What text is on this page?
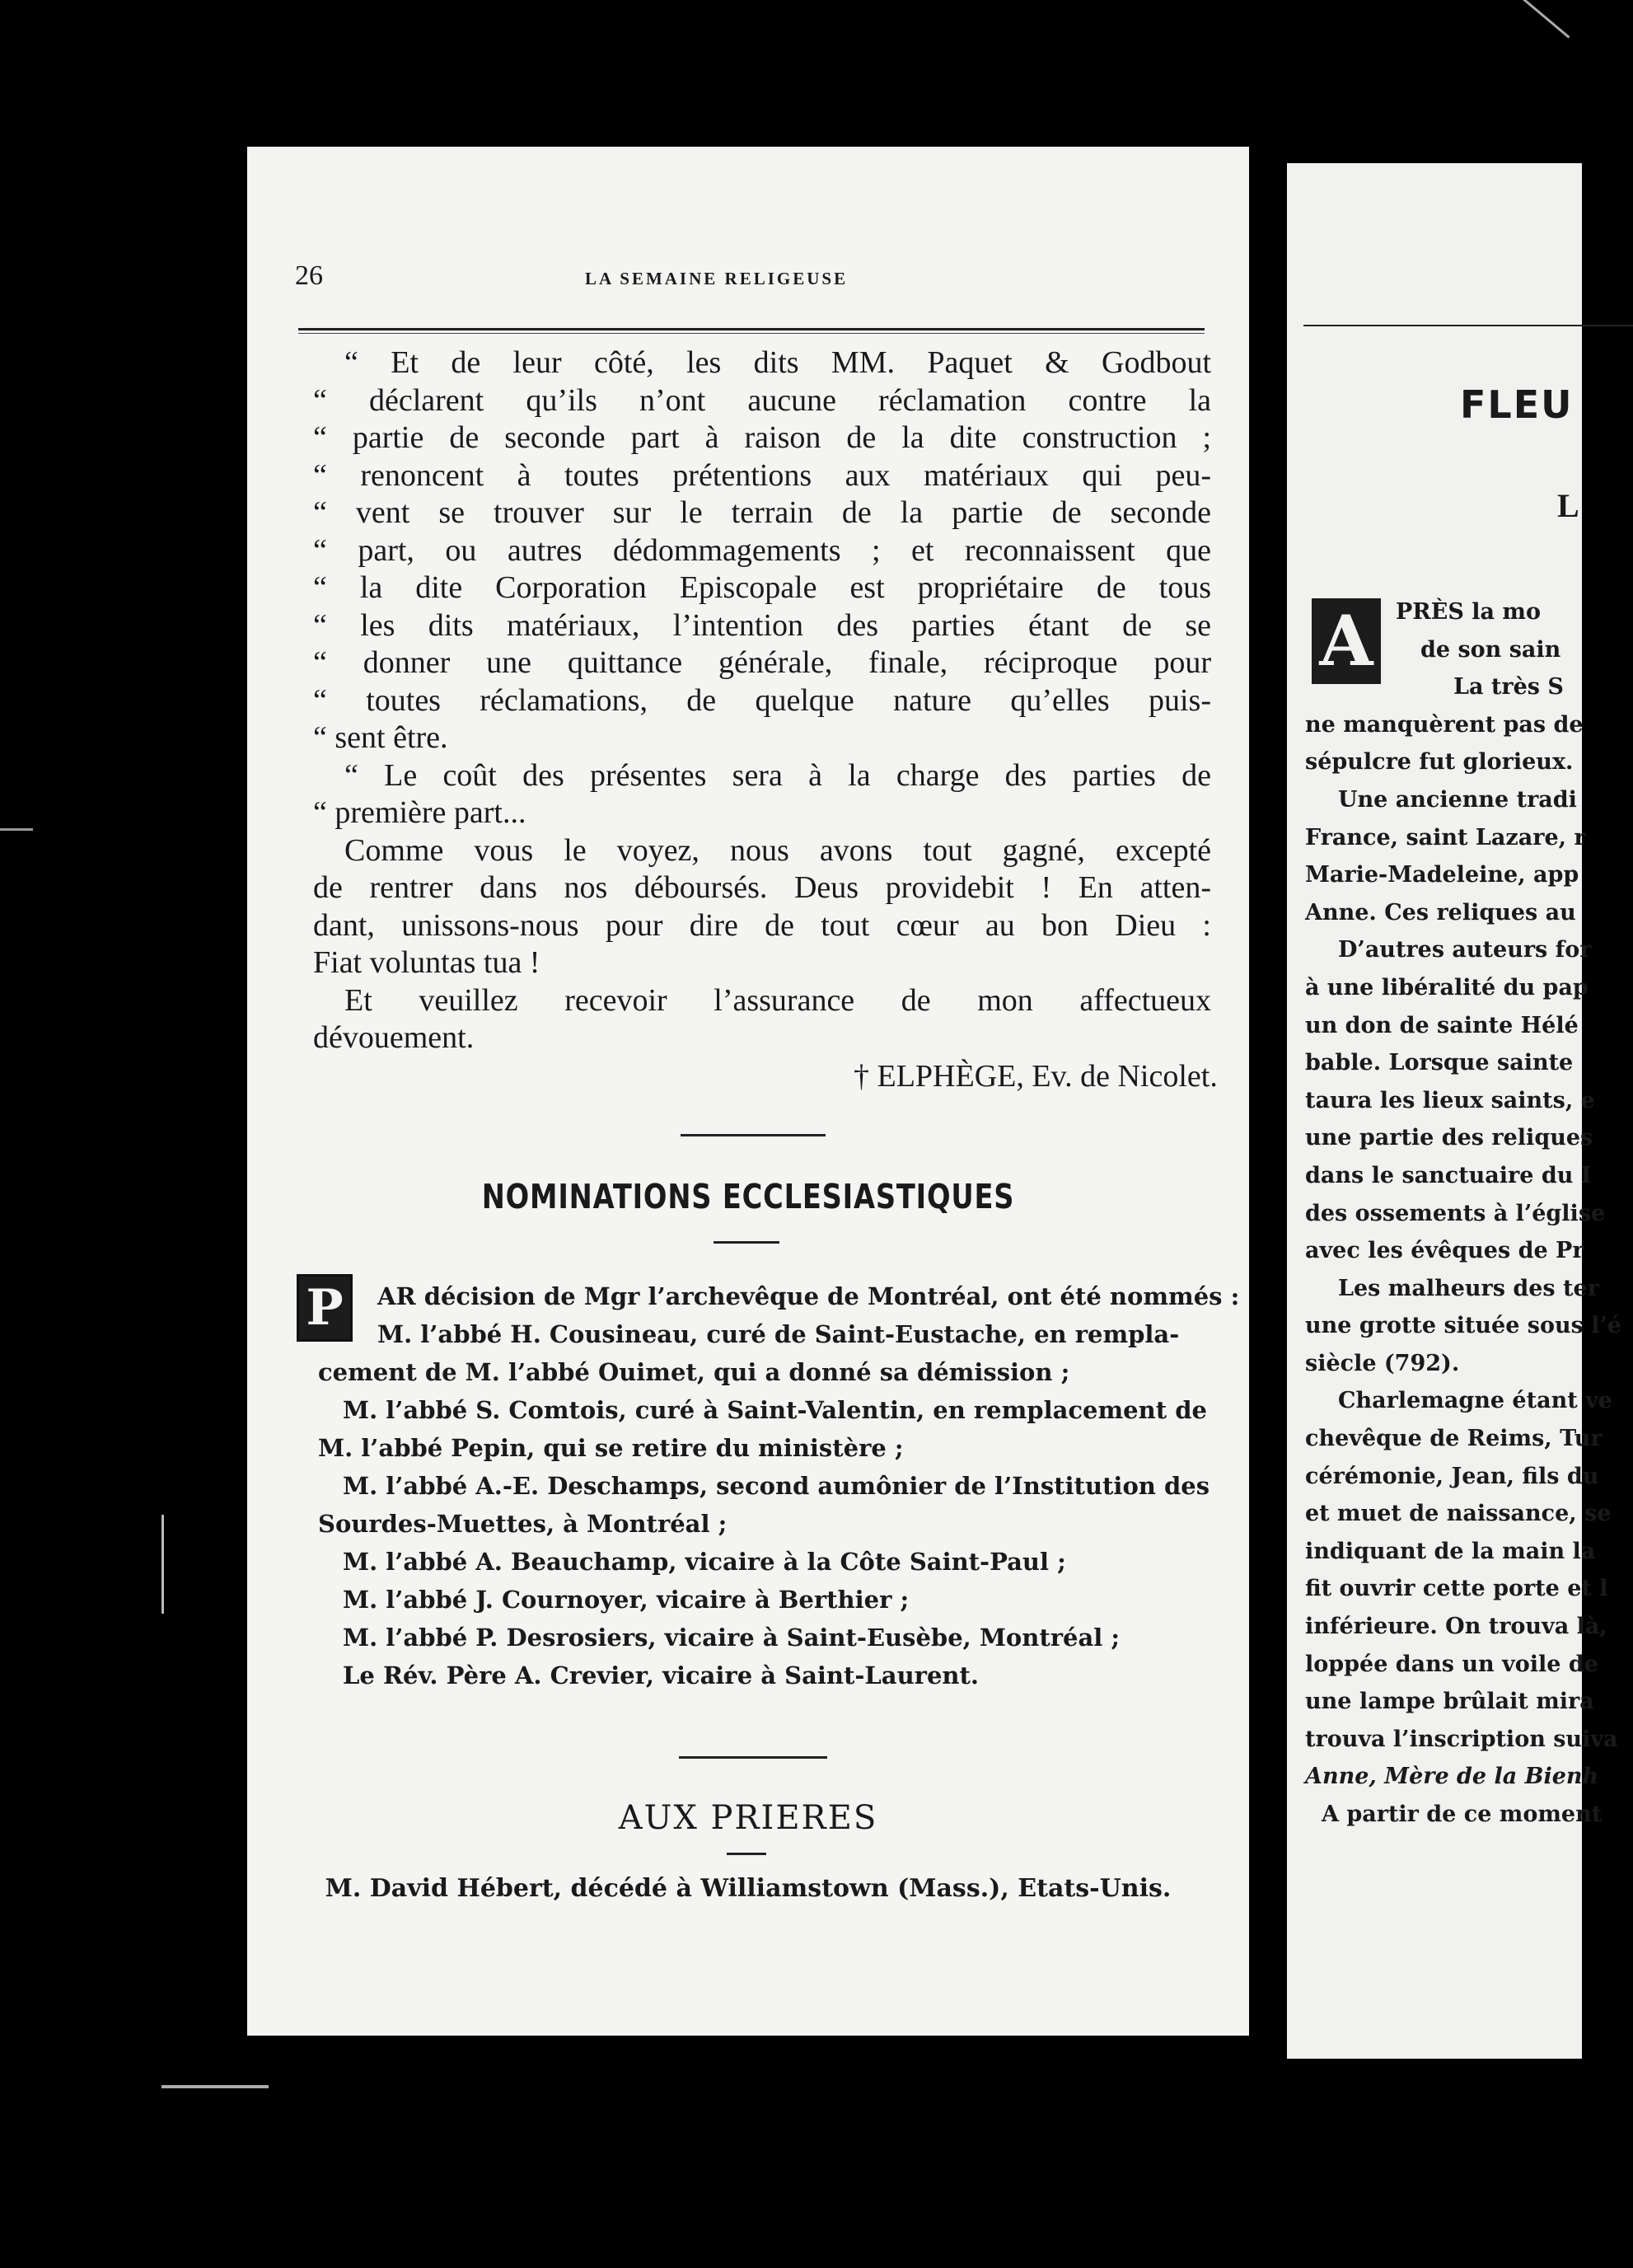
26	LA SEMAINE RELIGEUSE
“ Et de leur côté, les dits MM. Paquet & Godbout
“ déclarent qu’ils n’ont aucune réclamation contre la
“ partie de seconde part à raison de la dite construction ;
“ renoncent à toutes prétentions aux matériaux qui peu-
“ vent se trouver sur le terrain de la partie de seconde
“ part, ou autres dédommagements ; et reconnaissent que
“ la dite Corporation Episcopale est propriétaire de tous
“ les dits matériaux, l’intention des parties étant de se
“ donner une quittance générale, finale, réciproque pour
“ toutes réclamations, de quelque nature qu’elles puis-
“ sent être.
“ Le coût des présentes sera à la charge des parties de
“ première part...
Comme vous le voyez, nous avons tout gagné, excepté
de rentrer dans nos déboursés. Deus providebit ! En atten-
dant, unissons-nous pour dire de tout cœur au bon Dieu :
Fiat voluntas tua !
Et veuillez recevoir l’assurance de mon affectueux
dévouement.
† ELPHÈGE, Ev. de Nicolet.
NOMINATIONS ECCLESIASTIQUES
P	AR décision de Mgr l’archevêque de Montréal, ont été nommés :
M. l’abbé H. Cousineau, curé de Saint-Eustache, en rempla-
cement de M. l’abbé Ouimet, qui a donné sa démission ;
M. l’abbé S. Comtois, curé à Saint-Valentin, en remplacement de
M. l’abbé Pepin, qui se retire du ministère ;
M. l’abbé A.-E. Deschamps, second aumônier de l’Institution des
Sourdes-Muettes, à Montréal ;
M. l’abbé A. Beauchamp, vicaire à la Côte Saint-Paul ;
M. l’abbé J. Cournoyer, vicaire à Berthier ;
M. l’abbé P. Desrosiers, vicaire à Saint-Eusèbe, Montréal ;
Le Rév. Père A. Crevier, vicaire à Saint-Laurent.
AUX PRIERES
M. David Hébert, décédé à Williamstown (Mass.), Etats-Unis.
FLEU
L
A	PRÈS la mo
de son sain
La très S
ne manquèrent pas de
sépulcre fut glorieux.
Une ancienne tradi
France, saint Lazare, r
Marie-Madeleine, app
Anne. Ces reliques au
D’autres auteurs for
à une libéralité du pap
un don de sainte Hélé
bable. Lorsque sainte
taura les lieux saints, e
une partie des reliques
dans le sanctuaire du I
des ossements à l’église
avec les évêques de Pr
Les malheurs des ter
une grotte située sous l’é
siècle (792).
Charlemagne étant ve
chevêque de Reims, Tur
cérémonie, Jean, fils du
et muet de naissance, se
indiquant de la main la
fit ouvrir cette porte et l
inférieure. On trouva là,
loppée dans un voile de
une lampe brûlait mira
trouva l’inscription suiva
Anne, Mère de la Bienh
A partir de ce moment
